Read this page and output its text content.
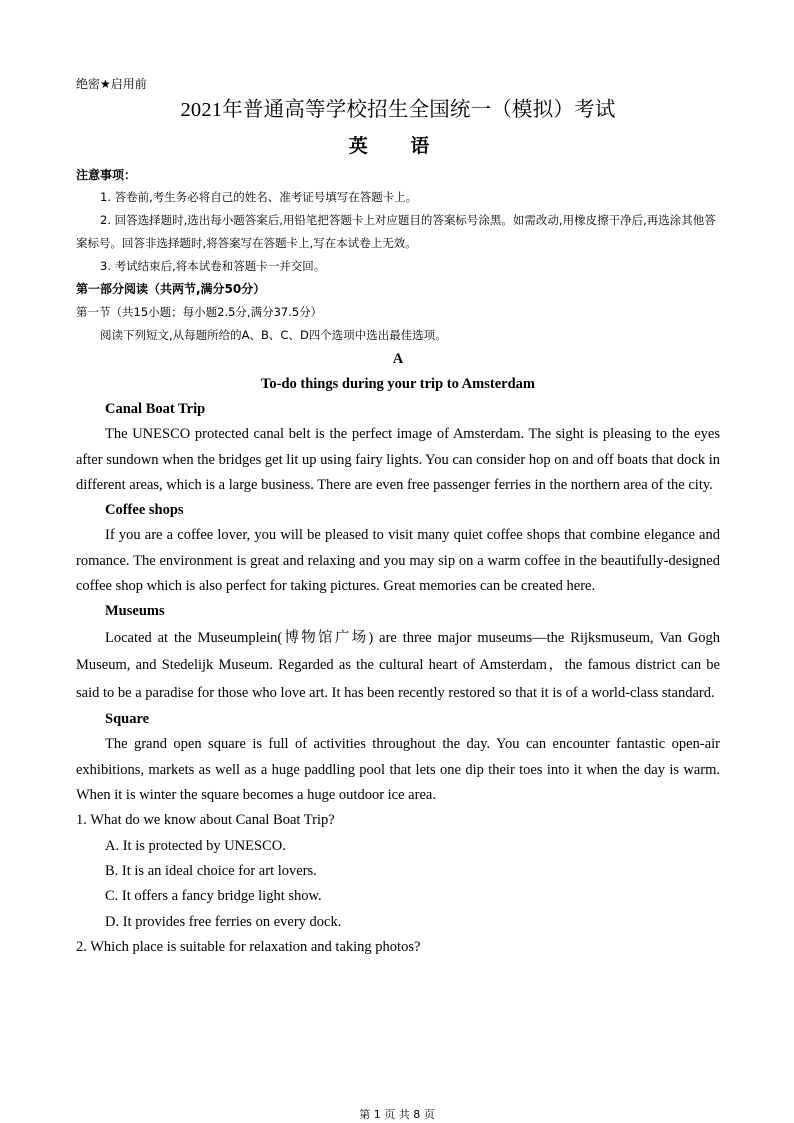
绝密★启用前
2021年普通高等学校招生全国统一（模拟）考试
英 语
注意事项：
1. 答卷前,考生务必将自己的姓名、准考证号填写在答题卡上。
2. 回答选择题时,选出每小题答案后,用铅笔把答题卡上对应题目的答案标号涂黑。如需改动,用橡皮擦干净后,再选涂其他答案标号。回答非选择题时,将答案写在答题卡上,写在本试卷上无效。
3. 考试结束后,将本试卷和答题卡一并交回。
第一部分阅读（共两节,满分50分）
第一节（共15小题；每小题2.5分,满分37.5分）
阅读下列短文,从每题所给的A、B、C、D四个选项中选出最佳选项。
A
To-do things during your trip to Amsterdam
Canal Boat Trip
The UNESCO protected canal belt is the perfect image of Amsterdam. The sight is pleasing to the eyes after sundown when the bridges get lit up using fairy lights. You can consider hop on and off boats that dock in different areas, which is a large business. There are even free passenger ferries in the northern area of the city.
Coffee shops
If you are a coffee lover, you will be pleased to visit many quiet coffee shops that combine elegance and romance. The environment is great and relaxing and you may sip on a warm coffee in the beautifully-designed coffee shop which is also perfect for taking pictures. Great memories can be created here.
Museums
Located at the Museumplein(博物馆广场) are three major museums—the Rijksmuseum, Van Gogh Museum, and Stedelijk Museum. Regarded as the cultural heart of Amsterdam，the famous district can be said to be a paradise for those who love art. It has been recently restored so that it is of a world-class standard.
Square
The grand open square is full of activities throughout the day. You can encounter fantastic open-air exhibitions, markets as well as a huge paddling pool that lets one dip their toes into it when the day is warm. When it is winter the square becomes a huge outdoor ice area.
1. What do we know about Canal Boat Trip?
A. It is protected by UNESCO.
B. It is an ideal choice for art lovers.
C. It offers a fancy bridge light show.
D. It provides free ferries on every dock.
2. Which place is suitable for relaxation and taking photos?
第 1 页 共 8 页
